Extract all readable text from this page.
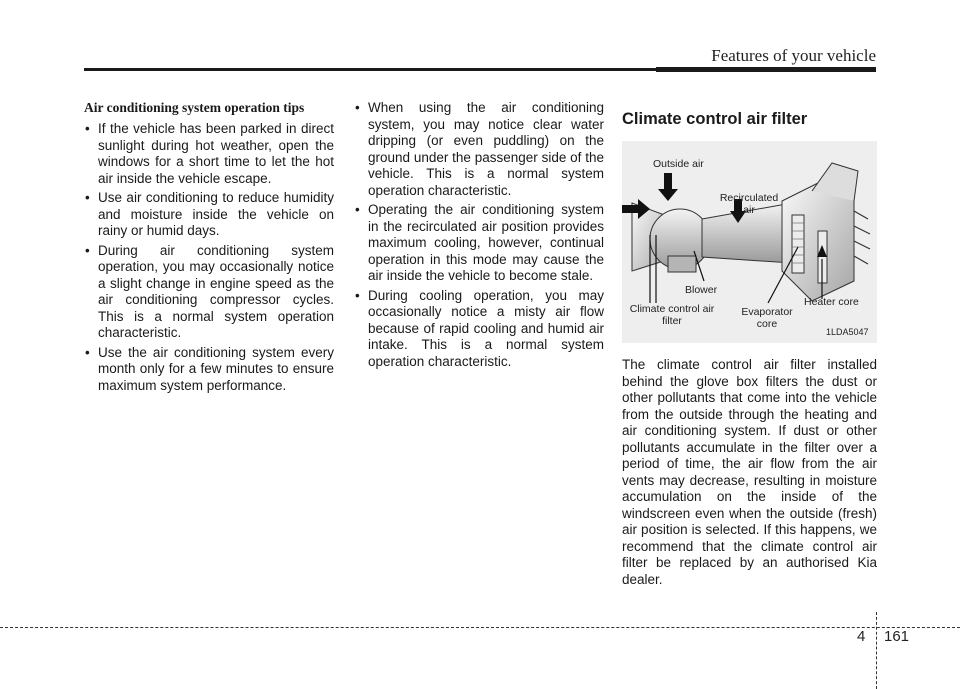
Features of your vehicle
Air conditioning system operation tips
• If the vehicle has been parked in direct sunlight during hot weather, open the windows for a short time to let the hot air inside the vehicle escape.
• Use air conditioning to reduce humidity and moisture inside the vehicle on rainy or humid days.
• During air conditioning system operation, you may occasionally notice a slight change in engine speed as the air conditioning compressor cycles. This is a normal system operation characteristic.
• Use the air conditioning system every month only for a few minutes to ensure maximum system performance.
• When using the air conditioning system, you may notice clear water dripping (or even puddling) on the ground under the passenger side of the vehicle. This is a normal system operation characteristic.
• Operating the air conditioning system in the recirculated air position provides maximum cooling, however, continual operation in this mode may cause the air inside the vehicle to become stale.
• During cooling operation, you may occasionally notice a misty air flow because of rapid cooling and humid air intake. This is a normal system operation characteristic.
Climate control air filter
Outside air
Recirculated air
Blower
Climate control air filter
Evaporator core
Heater core
1LDA5047

The climate control air filter installed behind the glove box filters the dust or other pollutants that come into the vehicle from the outside through the heating and air conditioning system. If dust or other pollutants accumulate in the filter over a period of time, the air flow from the air vents may decrease, resulting in moisture accumulation on the inside of the windscreen even when the outside (fresh) air position is selected. If this happens, we recommend that the climate control air filter be replaced by an authorised Kia dealer.

4 161
